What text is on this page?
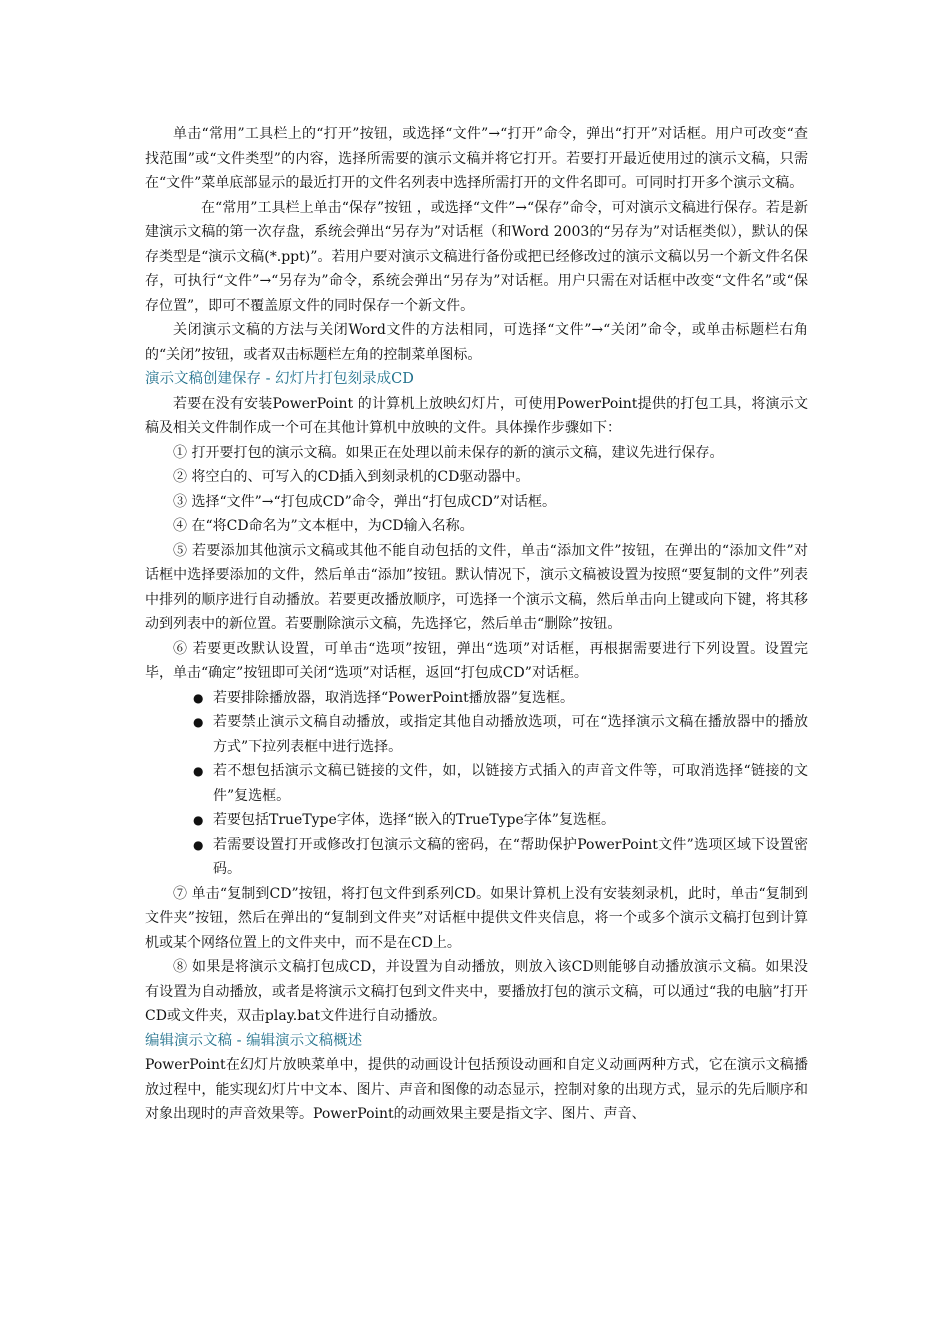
单击“常用”工具栏上的“打开”按钮，或选择“文件”→“打开”命令，弹出“打开”对话框。用户可改变“查找范围”或“文件类型”的内容，选择所需要的演示文稿并将它打开。若要打开最近使用过的演示文稿，只需在“文件”菜单底部显示的最近打开的文件名列表中选择所需打开的文件名即可。可同时打开多个演示文稿。

在“常用”工具栏上单击“保存”按钮 ，或选择“文件”→“保存”命令，可对演示文稿进行保存。若是新建演示文稿的第一次存盘，系统会弹出“另存为”对话框（和Word 2003的“另存为”对话框类似），默认的保存类型是“演示文稿(*.ppt)”。若用户要对演示文稿进行备份或把已经修改过的演示文稿以另一个新文件名保存，可执行“文件”→“另存为”命令，系统会弹出“另存为”对话框。用户只需在对话框中改变“文件名”或“保存位置”，即可不覆盖原文件的同时保存一个新文件。

关闭演示文稿的方法与关闭Word文件的方法相同，可选择“文件”→“关闭”命令，或单击标题栏右角的“关闭”按钮，或者双击标题栏左角的控制菜单图标。

演示文稿创建保存 - 幻灯片打包刻录成CD

若要在没有安装PowerPoint 的计算机上放映幻灯片，可使用PowerPoint提供的打包工具，将演示文稿及相关文件制作成一个可在其他计算机中放映的文件。具体操作步骤如下：

① 打开要打包的演示文稿。如果正在处理以前未保存的新的演示文稿，建议先进行保存。

② 将空白的、可写入的CD插入到刻录机的CD驱动器中。

③ 选择“文件”→“打包成CD”命令，弹出“打包成CD”对话框。

④ 在“将CD命名为”文本框中，为CD输入名称。

⑤ 若要添加其他演示文稿或其他不能自动包括的文件，单击“添加文件”按钮，在弹出的“添加文件”对话框中选择要添加的文件，然后单击“添加”按钮。默认情况下，演示文稿被设置为按照“要复制的文件”列表中排列的顺序进行自动播放。若要更改播放顺序，可选择一个演示文稿，然后单击向上键或向下键，将其移动到列表中的新位置。若要删除演示文稿，先选择它，然后单击“删除”按钮。

⑥ 若要更改默认设置，可单击“选项”按钮，弹出“选项”对话框，再根据需要进行下列设置。设置完毕，单击“确定”按钮即可关闭“选项”对话框，返回“打包成CD”对话框。

● 若要排除播放器，取消选择“PowerPoint播放器”复选框。
● 若要禁止演示文稿自动播放，或指定其他自动播放选项，可在“选择演示文稿在播放器中的播放方式”下拉列表框中进行选择。
● 若不想包括演示文稿已链接的文件，如，以链接方式插入的声音文件等，可取消选择“链接的文件”复选框。
● 若要包括TrueType字体，选择“嵌入的TrueType字体”复选框。
● 若需要设置打开或修改打包演示文稿的密码，在“帮助保护PowerPoint文件”选项区域下设置密码。

⑦ 单击“复制到CD”按钮，将打包文件到系列CD。如果计算机上没有安装刻录机，此时，单击“复制到文件夹”按钮，然后在弹出的“复制到文件夹”对话框中提供文件夹信息，将一个或多个演示文稿打包到计算机或某个网络位置上的文件夹中，而不是在CD上。

⑧ 如果是将演示文稿打包成CD，并设置为自动播放，则放入该CD则能够自动播放演示文稿。如果没有设置为自动播放，或者是将演示文稿打包到文件夹中，要播放打包的演示文稿，可以通过“我的电脑”打开CD或文件夹，双击play.bat文件进行自动播放。

编辑演示文稿 - 编辑演示文稿概述

PowerPoint在幻灯片放映菜单中，提供的动画设计包括预设动画和自定义动画两种方式，它在演示文稿播放过程中，能实现幻灯片中文本、图片、声音和图像的动态显示，控制对象的出现方式，显示的先后顺序和对象出现时的声音效果等。PowerPoint的动画效果主要是指文字、图片、声音、
